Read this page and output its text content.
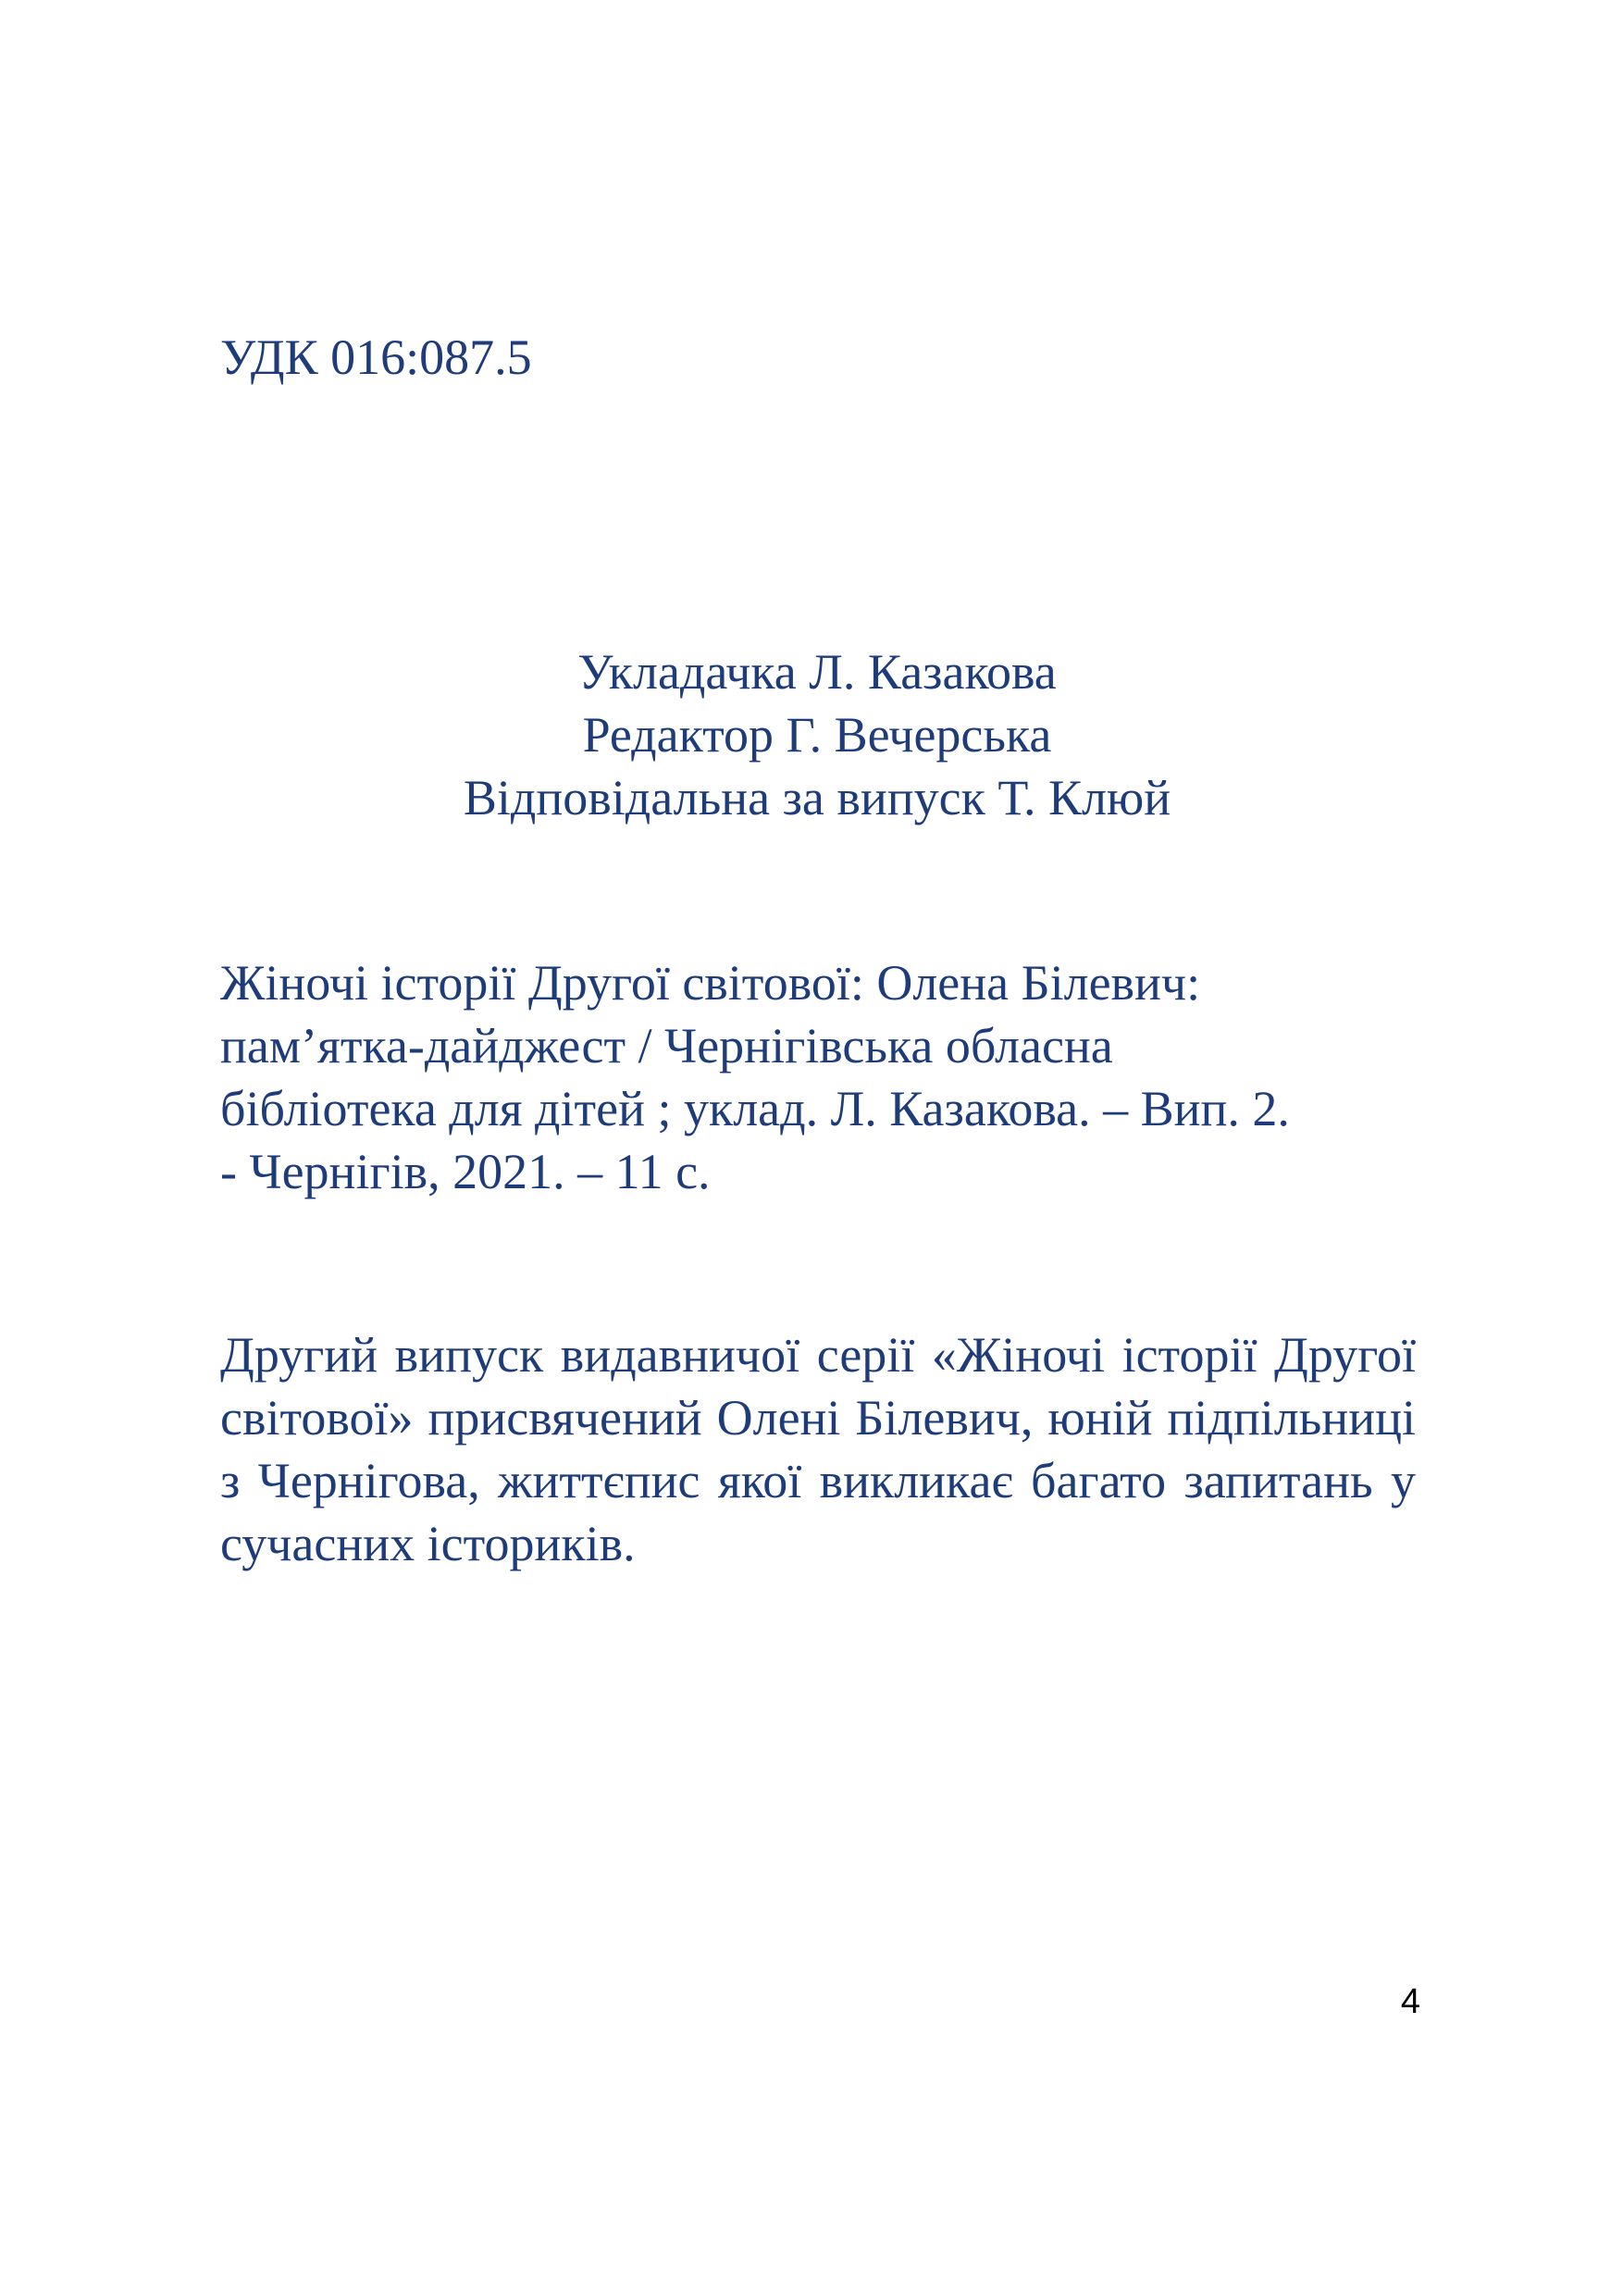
УДК 016:087.5

Укладачка Л. Казакова
Редактор Г. Вечерська
Відповідальна за випуск Т. Клюй
Жіночі історії Другої світової: Олена Білевич:
пам’ятка-дайджест / Чернігівська обласна
бібліотека для дітей ; уклад. Л. Казакова. – Вип. 2.
- Чернігів, 2021. – 11 с.

Другий випуск видавничої серії «Жіночі історії Другої світової» присвячений Олені Білевич, юній підпільниці з Чернігова, життєпис якої викликає багато запитань у сучасних істориків.

4
